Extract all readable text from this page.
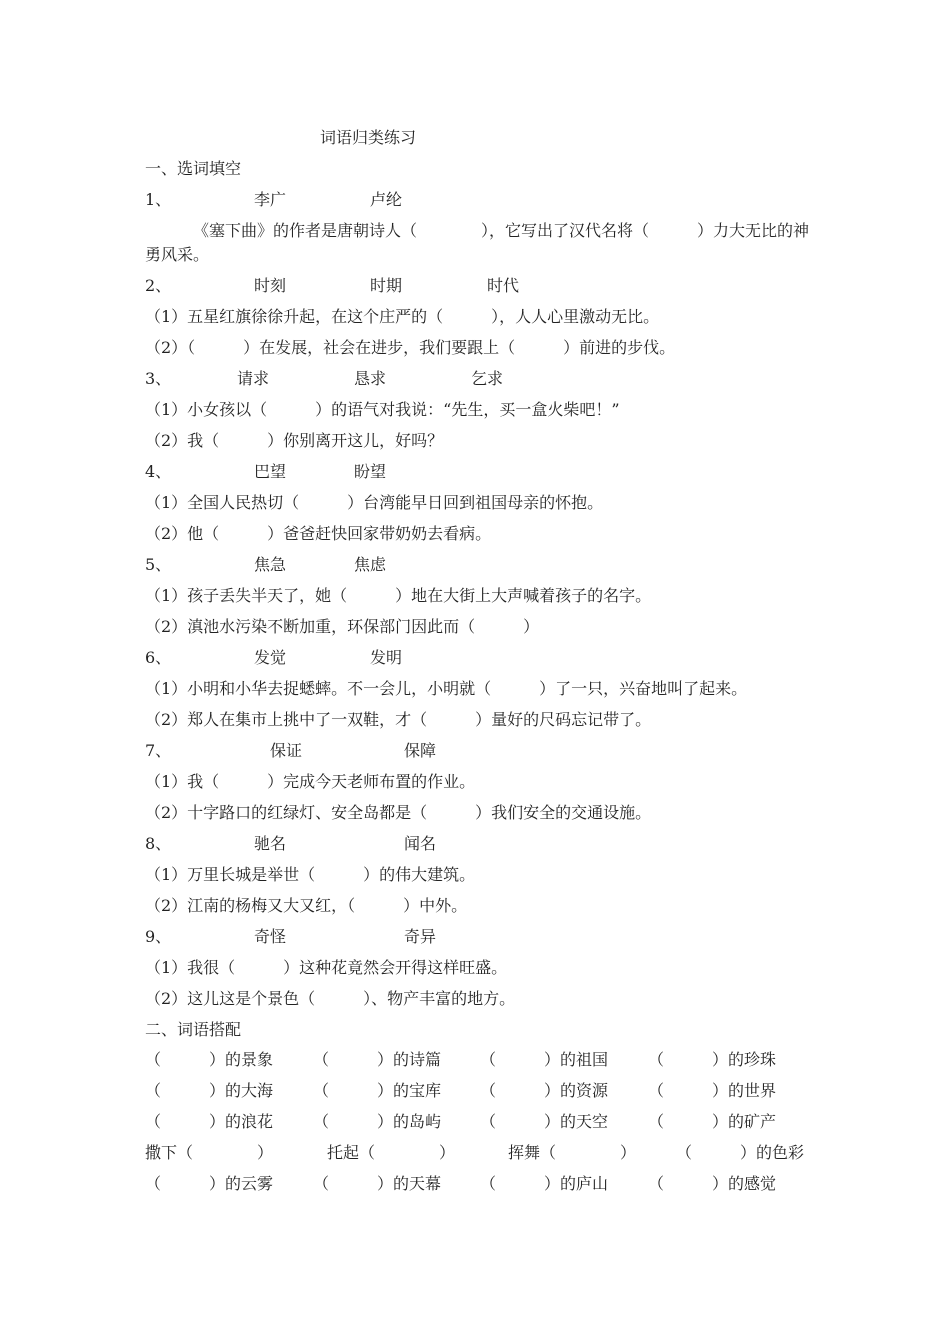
词语归类练习
一、选词填空
1、	李广	卢纶
《塞下曲》的作者是唐朝诗人（　　　　），它写出了汉代名将（　　　）力大无比的神
勇风采。
2、	时刻	时期	时代
（1）五星红旗徐徐升起，在这个庄严的（　　　），人人心里激动无比。
（2）（　　　）在发展，社会在进步，我们要跟上（　　　）前进的步伐。
3、	请求	恳求	乞求
（1）小女孩以（　　　）的语气对我说：“先生，买一盒火柴吧！”
（2）我（　　　）你别离开这儿，好吗？
4、	巴望	盼望
（1）全国人民热切（　　　）台湾能早日回到祖国母亲的怀抱。
（2）他（　　　）爸爸赶快回家带奶奶去看病。
5、	焦急	焦虑
（1）孩子丢失半天了，她（　　　）地在大街上大声喊着孩子的名字。
（2）滇池水污染不断加重，环保部门因此而（　　　）
6、	发觉	发明
（1）小明和小华去捉蟋蟀。不一会儿，小明就（　　　）了一只，兴奋地叫了起来。
（2）郑人在集市上挑中了一双鞋，才（　　　）量好的尺码忘记带了。
7、	保证	保障
（1）我（　　　）完成今天老师布置的作业。
（2）十字路口的红绿灯、安全岛都是（　　　）我们安全的交通设施。
8、	驰名	闻名
（1）万里长城是举世（　　　）的伟大建筑。
（2）江南的杨梅又大又红，（　　　）中外。
9、	奇怪	奇异
（1）我很（　　　）这种花竟然会开得这样旺盛。
（2）这儿这是个景色（　　　）、物产丰富的地方。
二、词语搭配
（　　　）的景象 （　　　）的诗篇 （　　　）的祖国 （　　　）的珍珠
（　　　）的大海 （　　　）的宝库 （　　　）的资源 （　　　）的世界
（　　　）的浪花 （　　　）的岛屿 （　　　）的天空 （　　　）的矿产
撒下（　　　　）	托起（　　　　）	挥舞（　　　　） （　　　）的色彩
（　　　）的云雾 （　　　）的天幕 （　　　）的庐山 （　　　）的感觉
